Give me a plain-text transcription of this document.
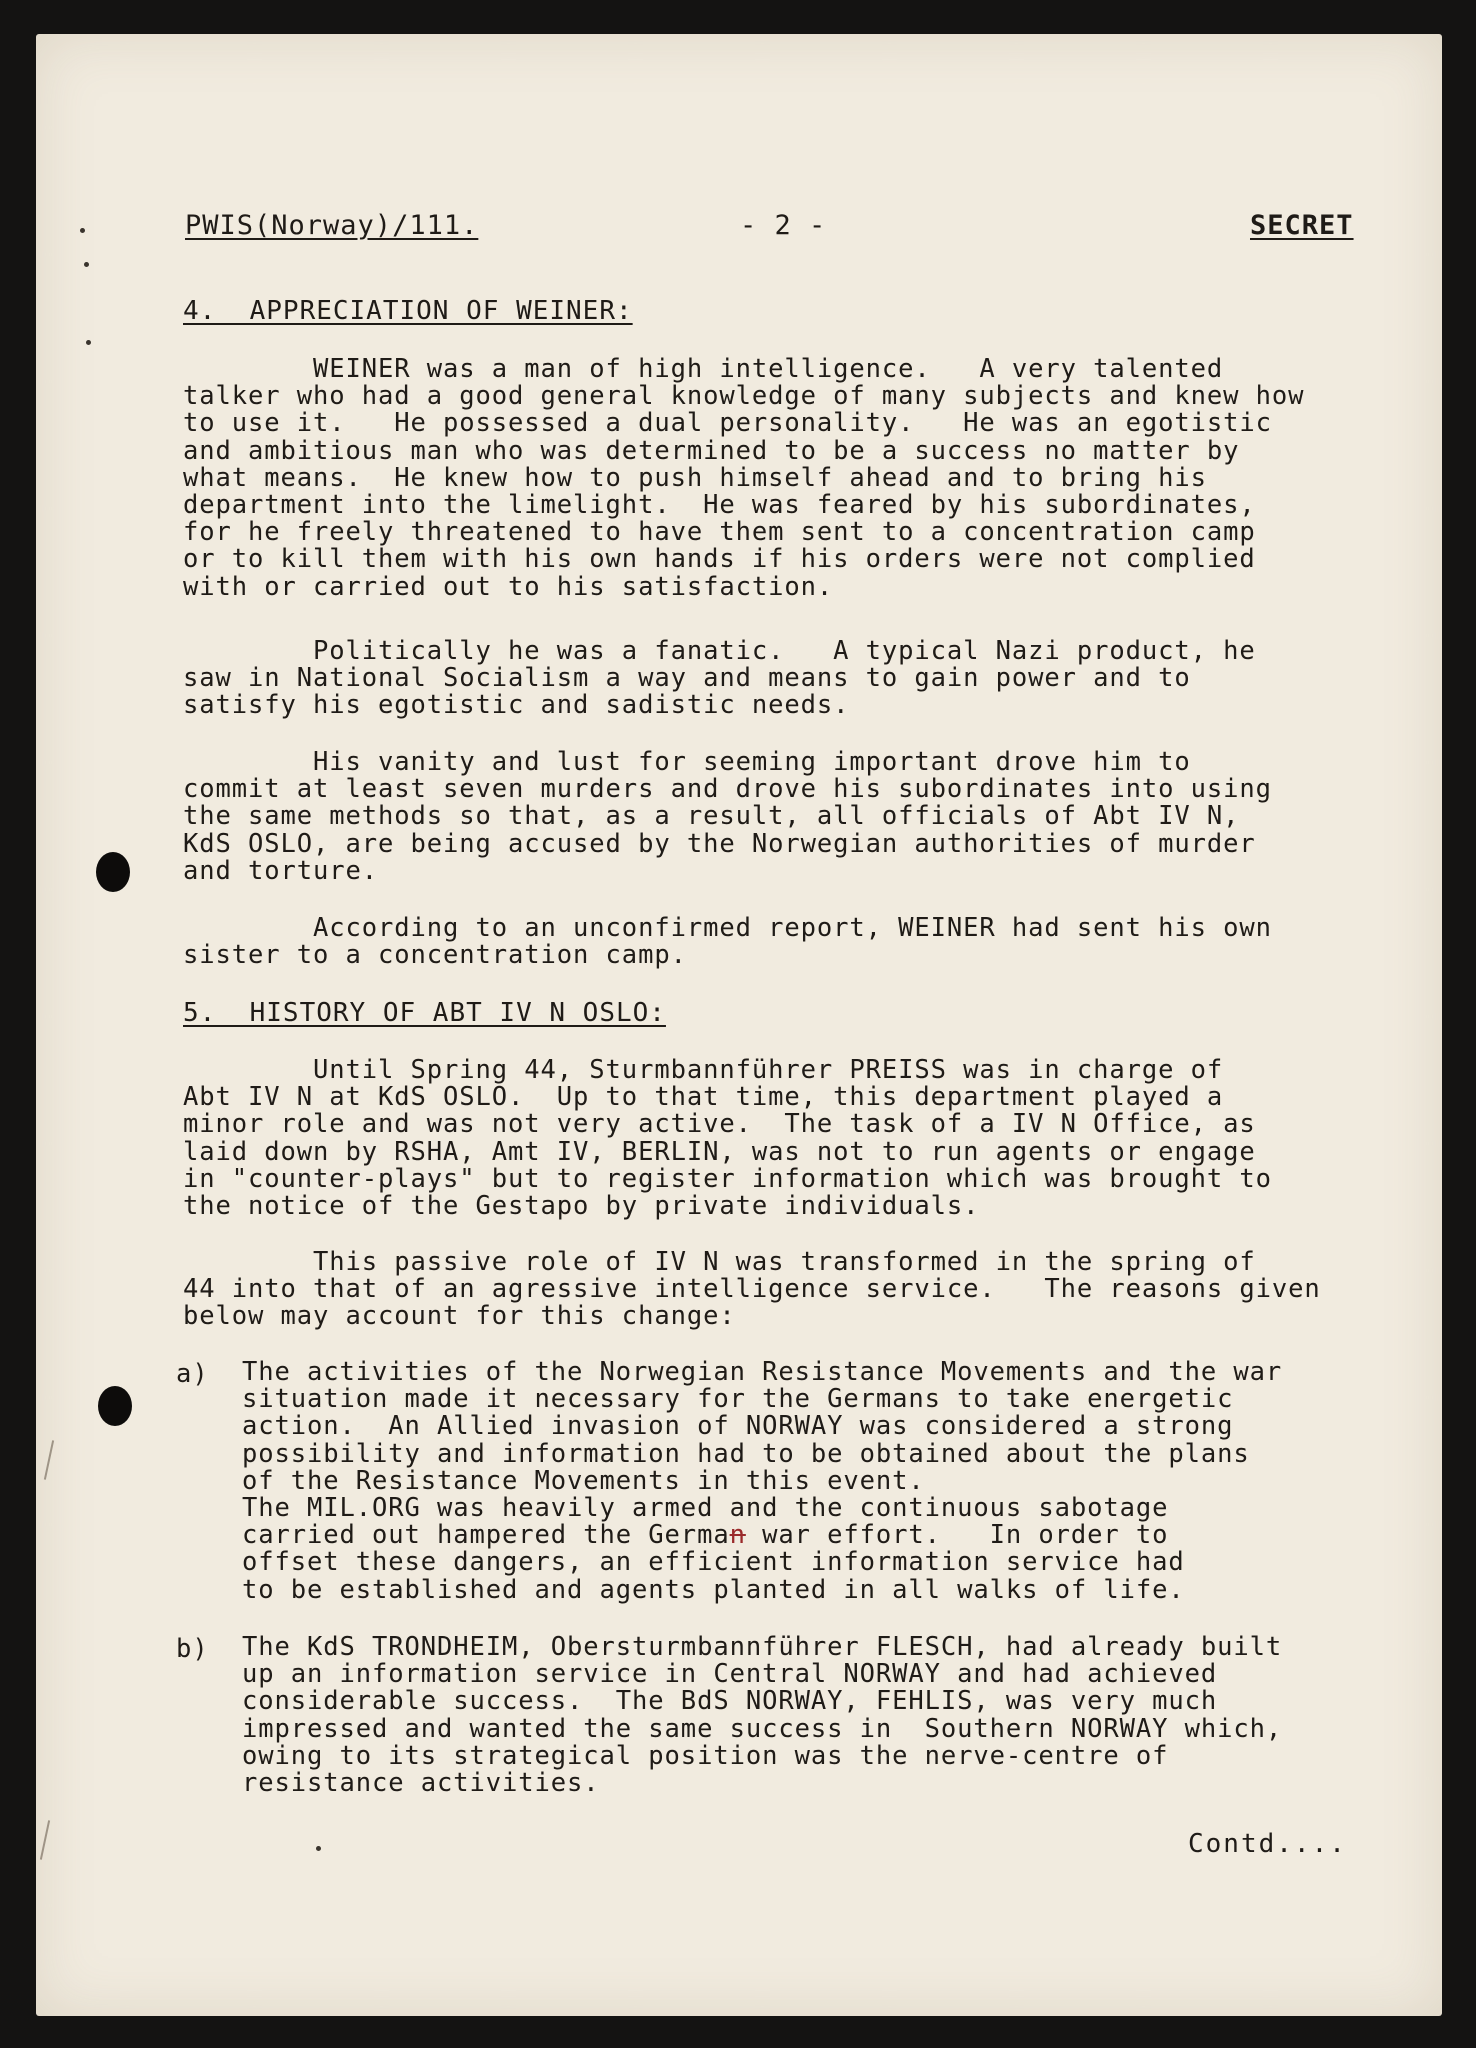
PWIS(Norway)/111.	- 2 -	SECRET
4.  APPRECIATION OF WEINER:
WEINER was a man of high intelligence.   A very talented
talker who had a good general knowledge of many subjects and knew how
to use it.   He possessed a dual personality.   He was an egotistic
and ambitious man who was determined to be a success no matter by
what means.  He knew how to push himself ahead and to bring his
department into the limelight.  He was feared by his subordinates,
for he freely threatened to have them sent to a concentration camp
or to kill them with his own hands if his orders were not complied
with or carried out to his satisfaction.
Politically he was a fanatic.   A typical Nazi product, he
saw in National Socialism a way and means to gain power and to
satisfy his egotistic and sadistic needs.
His vanity and lust for seeming important drove him to
commit at least seven murders and drove his subordinates into using
the same methods so that, as a result, all officials of Abt IV N,
KdS OSLO, are being accused by the Norwegian authorities of murder
and torture.
According to an unconfirmed report, WEINER had sent his own
sister to a concentration camp.
5.  HISTORY OF ABT IV N OSLO:
Until Spring 44, Sturmbannführer PREISS was in charge of
Abt IV N at KdS OSLO.  Up to that time, this department played a
minor role and was not very active.  The task of a IV N Office, as
laid down by RSHA, Amt IV, BERLIN, was not to run agents or engage
in "counter-plays" but to register information which was brought to
the notice of the Gestapo by private individuals.
This passive role of IV N was transformed in the spring of
44 into that of an agressive intelligence service.   The reasons given
below may account for this change:
a) The activities of the Norwegian Resistance Movements and the war
situation made it necessary for the Germans to take energetic
action.  An Allied invasion of NORWAY was considered a strong
possibility and information had to be obtained about the plans
of the Resistance Movements in this event.
The MIL.ORG was heavily armed and the continuous sabotage
carried out hampered the German war effort.   In order to
offset these dangers, an efficient information service had
to be established and agents planted in all walks of life.
b) The KdS TRONDHEIM, Obersturmbannführer FLESCH, had already built
up an information service in Central NORWAY and had achieved
considerable success.  The BdS NORWAY, FEHLIS, was very much
impressed and wanted the same success in  Southern NORWAY which,
owing to its strategical position was the nerve-centre of
resistance activities.
Contd....
